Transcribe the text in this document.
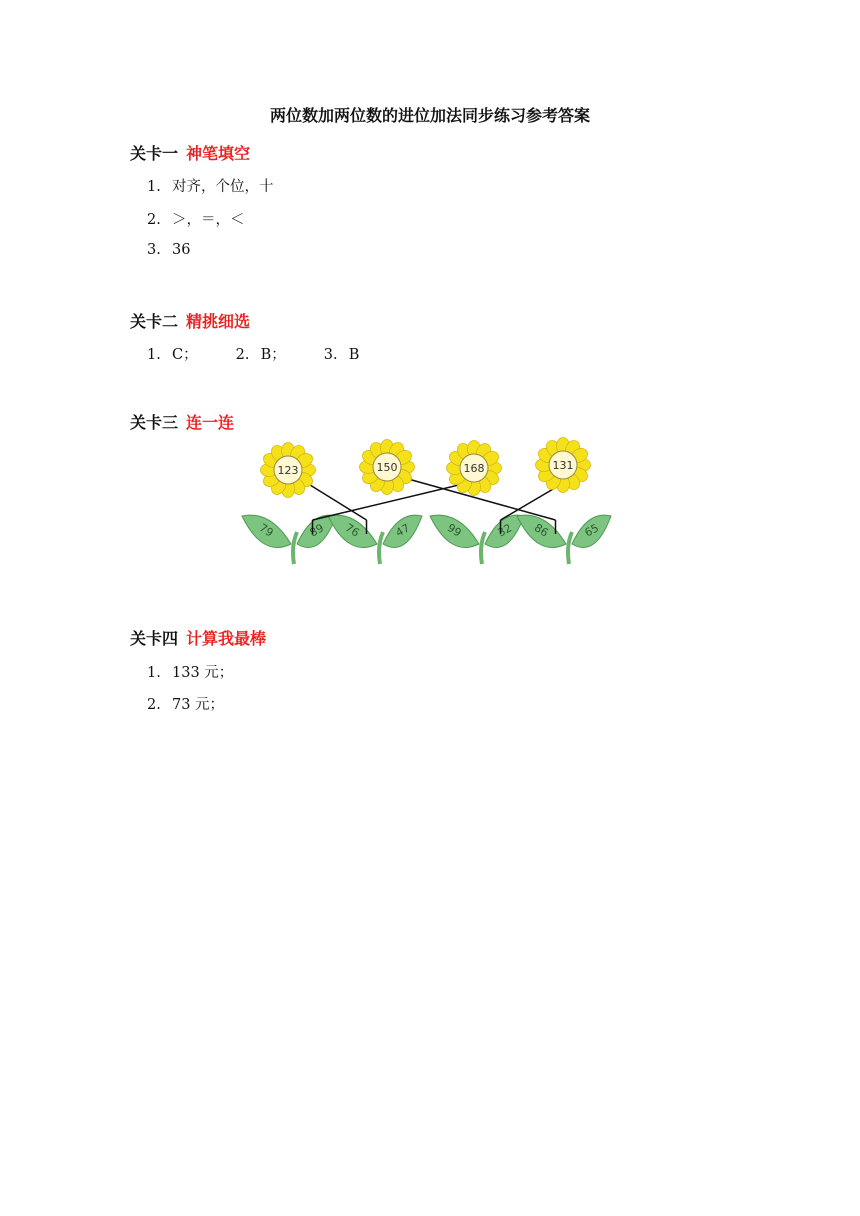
两位数加两位数的进位加法同步练习参考答案
关卡一 神笔填空
1. 对齐，个位，十
2. ＞，＝，＜
3. 36
关卡二 精挑细选
1. C；	2. B；	3. B
关卡三 连一连
79	89 76	47	99	32 86	65
123	150	168	131
关卡四 计算我最棒
1. 133 元；
2. 73 元；
